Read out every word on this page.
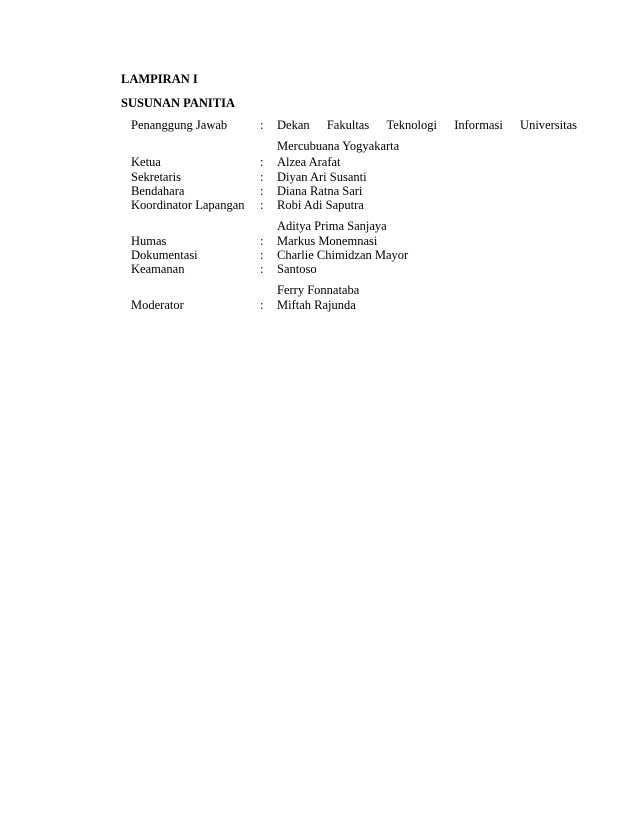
LAMPIRAN I
SUSUNAN PANITIA
Penanggung Jawab	: Dekan Fakultas Teknologi Informasi Universitas
Mercubuana Yogyakarta
Ketua	: Alzea Arafat
Sekretaris	: Diyan Ari Susanti
Bendahara	: Diana Ratna Sari
Koordinator Lapangan : Robi Adi Saputra
Aditya Prima Sanjaya
Humas	: Markus Monemnasi
Dokumentasi	: Charlie Chimidzan Mayor
Keamanan	: Santoso
Ferry Fonnataba
Moderator	: Miftah Rajunda
